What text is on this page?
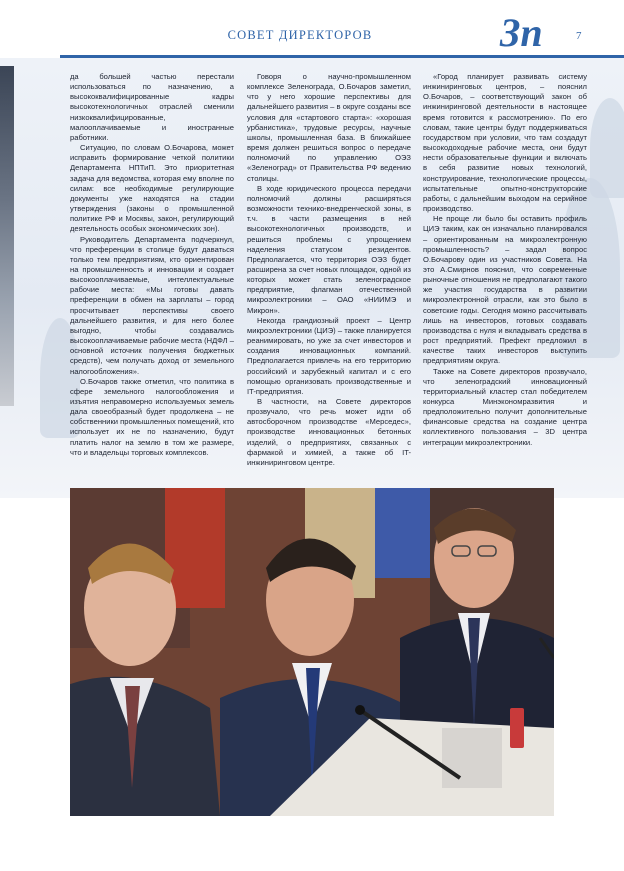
СОВЕТ ДИРЕКТОРОВ	Зп	7

да большей частью перестали использоваться по назначению, а высококвалифицированные кадры высокотехнологичных отраслей сменили низкоквалифицированные, малооплачиваемые и иностранные работники.

Ситуацию, по словам О.Бочарова, может исправить формирование четкой политики Департамента НПТиП. Это приоритетная задача для ведомства, которая ему вполне по силам: все необходимые регулирующие документы уже находятся на стадии утверждения (законы о промышленной политике РФ и Москвы, закон, регулирующий деятельность особых экономических зон).

Руководитель Департамента подчеркнул, что преференции в столице будут даваться только тем предприятиям, кто ориентирован на промышленность и инновации и создает высокооплачиваемые, интеллектуальные рабочие места: «Мы готовы давать преференции в обмен на зарплаты – город просчитывает перспективы своего дальнейшего развития, и для него более выгодно, чтобы создавались высокооплачиваемые рабочие места (НДФЛ – основной источник получения бюджетных средств), чем получать доход от земельного налогообложения».

О.Бочаров также отметил, что политика в сфере земельного налогообложения и изъятия неправомерно используемых земель дала своеобразный будет продолжена – не собственники промышленных помещений, кто использует их не по назначению, будут платить налог на землю в том же размере, что и владельцы торговых комплексов.

Говоря о научно-промышленном комплексе Зеленограда, О.Бочаров заметил, что у него хорошие перспективы для дальнейшего развития – в округе созданы все условия для «стартового старта»: «хорошая урбанистика», трудовые ресурсы, научные школы, промышленная база. В ближайшее время должен решиться вопрос о передаче полномочий по управлению ОЭЗ «Зеленоград» от Правительства РФ ведению столицы.

В ходе юридического процесса передачи полномочий должны расширяться возможности технико-внедренческой зоны, в т.ч. в части размещения в ней высокотехнологичных производств, и решиться проблемы с упрощением наделения статусом резидентов. Предполагается, что территория ОЭЗ будет расширена за счет новых площадок, одной из которых может стать зеленоградское предприятие, флагман отечественной микроэлектроники – ОАО «НИИМЭ и Микрон».

Некогда грандиозный проект – Центр микроэлектроники (ЦИЭ) – также планируется реанимировать, но уже за счет инвесторов и создания инновационных компаний. Предполагается привлечь на его территорию российский и зарубежный капитал и с его помощью организовать производственные и IT-предприятия.

В частности, на Совете директоров прозвучало, что речь может идти об автосборочном производстве «Мерседес», производстве инновационных бетонных изделий, о предприятиях, связанных с фармакой и химией, а также об IT-инжиниринговом центре.

«Город планирует развивать систему инжиниринговых центров, – пояснил О.Бочаров, – соответствующий закон об инжиниринговой деятельности в настоящее время готовится к рассмотрению». По его словам, такие центры будут поддерживаться государством при условии, что там создадут высокодоходные рабочие места, они будут нести образовательные функции и включать в себя развитие новых технологий, конструирование, технологические процессы, испытательные опытно-конструкторские работы, с дальнейшим выходом на серийное производство.

Не проще ли было бы оставить профиль ЦИЭ таким, как он изначально планировался – ориентированным на микроэлектронную промышленность? – задал вопрос О.Бочарову один из участников Совета. На это А.Смирнов пояснил, что современные рыночные отношения не предполагают такого же участия государства в развитии микроэлектронной отрасли, как это было в советские годы. Сегодня можно рассчитывать лишь на инвесторов, готовых создавать производства с нуля и вкладывать средства в рост предприятий. Префект предложил в качестве таких инвесторов выступить предприятиям округа.

Также на Совете директоров прозвучало, что зеленоградский инновационный территориальный кластер стал победителем конкурса Минэкономразвития и предположительно получит дополнительные финансовые средства на создание центра коллективного пользования – 3D центра интеграции микроэлектроники.
